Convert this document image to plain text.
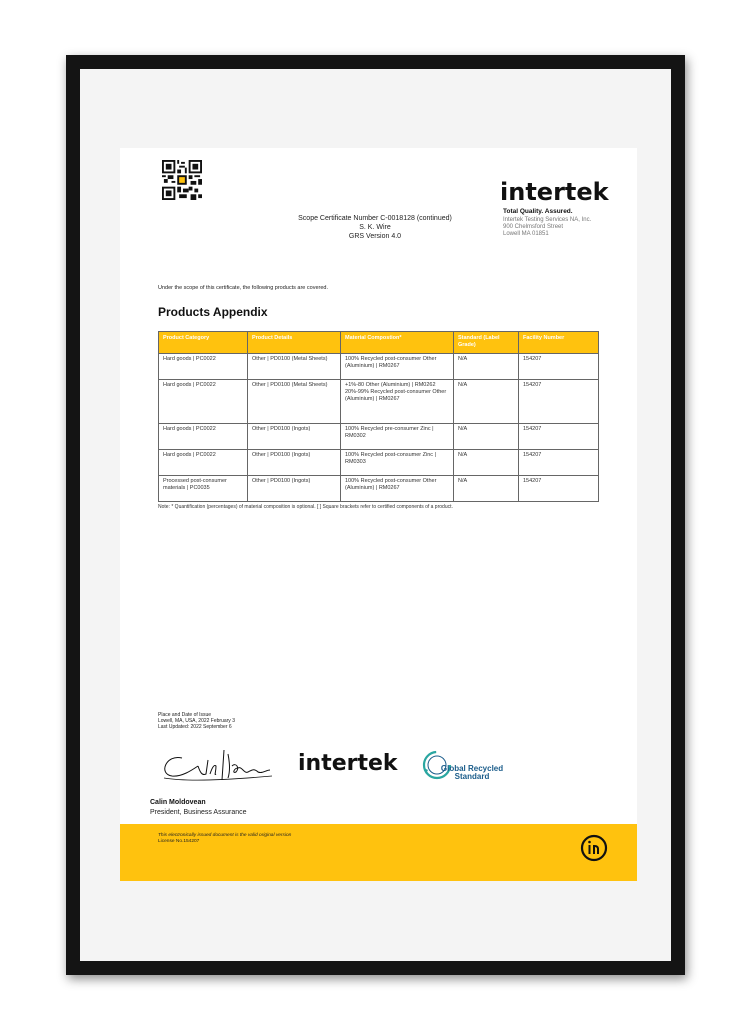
intertek
Total Quality. Assured.
Intertek Testing Services NA, Inc.
900 Chelmsford Street
Lowell MA 01851
Scope Certificate Number C-0018128 (continued)
S. K. Wire
GRS Version 4.0
Under the scope of this certificate, the following products are covered.
Products Appendix
Product Category	Product Details	Material Compostion*	Standard (Label Grade)	Facility Number
Hard goods | PC0022	Other | PD0100 (Metal Sheets)	100% Recycled post-consumer Other (Aluminium) | RM0267	N/A	154207
Hard goods | PC0022	Other | PD0100 (Metal Sheets)	+1%-80 Other (Aluminium) | RM0262
20%-99% Recycled post-consumer Other (Aluminium) | RM0267	N/A	154207
Hard goods | PC0022	Other | PD0100 (Ingots)	100% Recycled pre-consumer Zinc | RM0302	N/A	154207
Hard goods | PC0022	Other | PD0100 (Ingots)	100% Recycled post-consumer Zinc | RM0303	N/A	154207
Processed post-consumer materials | PC0035	Other | PD0100 (Ingots)	100% Recycled post-consumer Other (Aluminium) | RM0267	N/A	154207
Note: * Quantification (percentages) of material composition is optional. [ ] Square brackets refer to certified components of a product.
Place and Date of Issue
Lowell, MA, USA, 2022 February 3
Last Updated: 2022 September 6
intertek	Global Recycled
Standard
Calin Moldovean
President, Business Assurance
This electronically issued document is the valid original version
License No.154207
